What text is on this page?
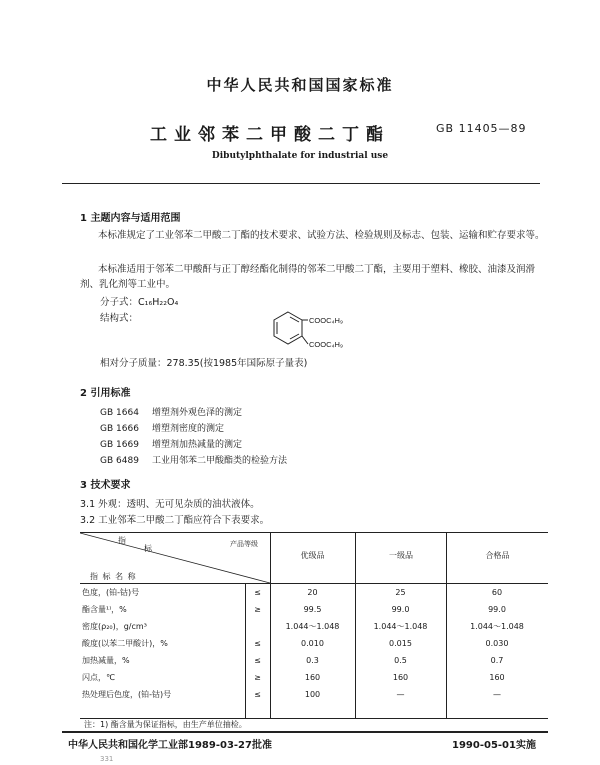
中华人民共和国国家标准
工业邻苯二甲酸二丁酯	GB 11405—89
Dibutylphthalate for industrial use
1 主题内容与适用范围
本标准规定了工业邻苯二甲酸二丁酯的技术要求、试验方法、检验规则及标志、包装、运输和贮存要求等。
本标准适用于邻苯二甲酸酐与正丁醇经酯化制得的邻苯二甲酸二丁酯，主要用于塑料、橡胶、油漆及润滑剂、乳化剂等工业中。
分子式：C₁₆H₂₂O₄
结构式：	COOC₄H₉
COOC₄H₉
相对分子质量：278.35(按1985年国际原子量表)
2 引用标准
GB 1664 增塑剂外观色泽的测定
GB 1666 增塑剂密度的测定
GB 1669 增塑剂加热减量的测定
GB 6489 工业用邻苯二甲酸酯类的检验方法
3 技术要求
3.1 外观：透明、无可见杂质的油状液体。
3.2 工业邻苯二甲酸二丁酯应符合下表要求。
指
标	产品等级
优级品	一级品	合格品
指 标 名 称
色度，(铂-钴)号	≤	20	25	60
酯含量¹⁾，%	≥	99.5	99.0	99.0
密度(ρ₂₀)，g/cm³		1.044～1.048	1.044～1.048	1.044～1.048
酸度(以苯二甲酸计)，%	≤	0.010	0.015	0.030
加热减量，%	≤	0.3	0.5	0.7
闪点，℃	≥	160	160	160
热处理后色度，(铂-钴)号	≤	100	—	—
注：1) 酯含量为保证指标，由生产单位抽检。
中华人民共和国化学工业部1989-03-27批准	1990-05-01实施
331
